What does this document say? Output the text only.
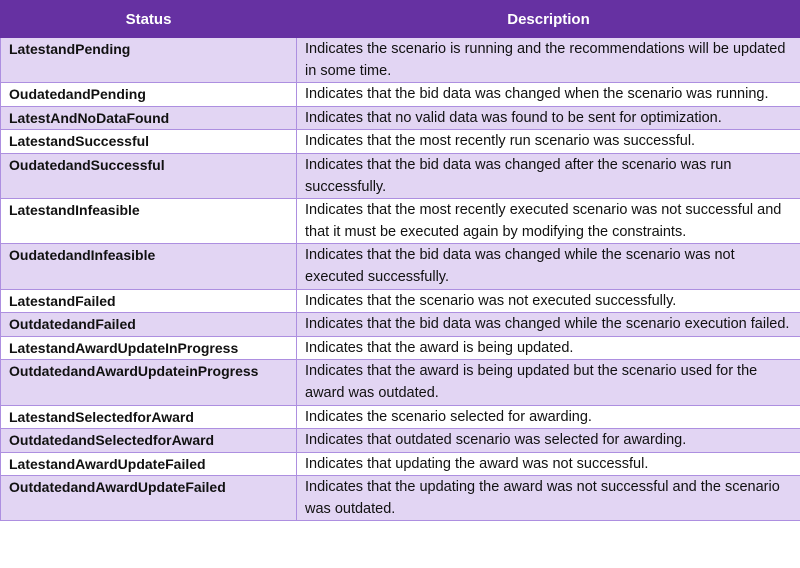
Status	Description
LatestandPending	Indicates the scenario is running and the recommendations will be updated in some time.
OudatedandPending	Indicates that the bid data was changed when the scenario was running.
LatestAndNoDataFound	Indicates that no valid data was found to be sent for optimization.
LatestandSuccessful	Indicates that the most recently run scenario was successful.
OudatedandSuccessful	Indicates that the bid data was changed after the scenario was run successfully.
LatestandInfeasible	Indicates that the most recently executed scenario was not successful and that it must be executed again by modifying the constraints.
OudatedandInfeasible	Indicates that the bid data was changed while the scenario was not executed successfully.
LatestandFailed	Indicates that the scenario was not executed successfully.
OutdatedandFailed	Indicates that the bid data was changed while the scenario execution failed.
LatestandAwardUpdateInProgress	Indicates that the award is being updated.
OutdatedandAwardUpdateinProgress	Indicates that the award is being updated but the scenario used for the award was outdated.
LatestandSelectedforAward	Indicates the scenario selected for awarding.
OutdatedandSelectedforAward	Indicates that outdated scenario was selected for awarding.
LatestandAwardUpdateFailed	Indicates that updating the award was not successful.
OutdatedandAwardUpdateFailed	Indicates that the updating the award was not successful and the scenario was outdated.
